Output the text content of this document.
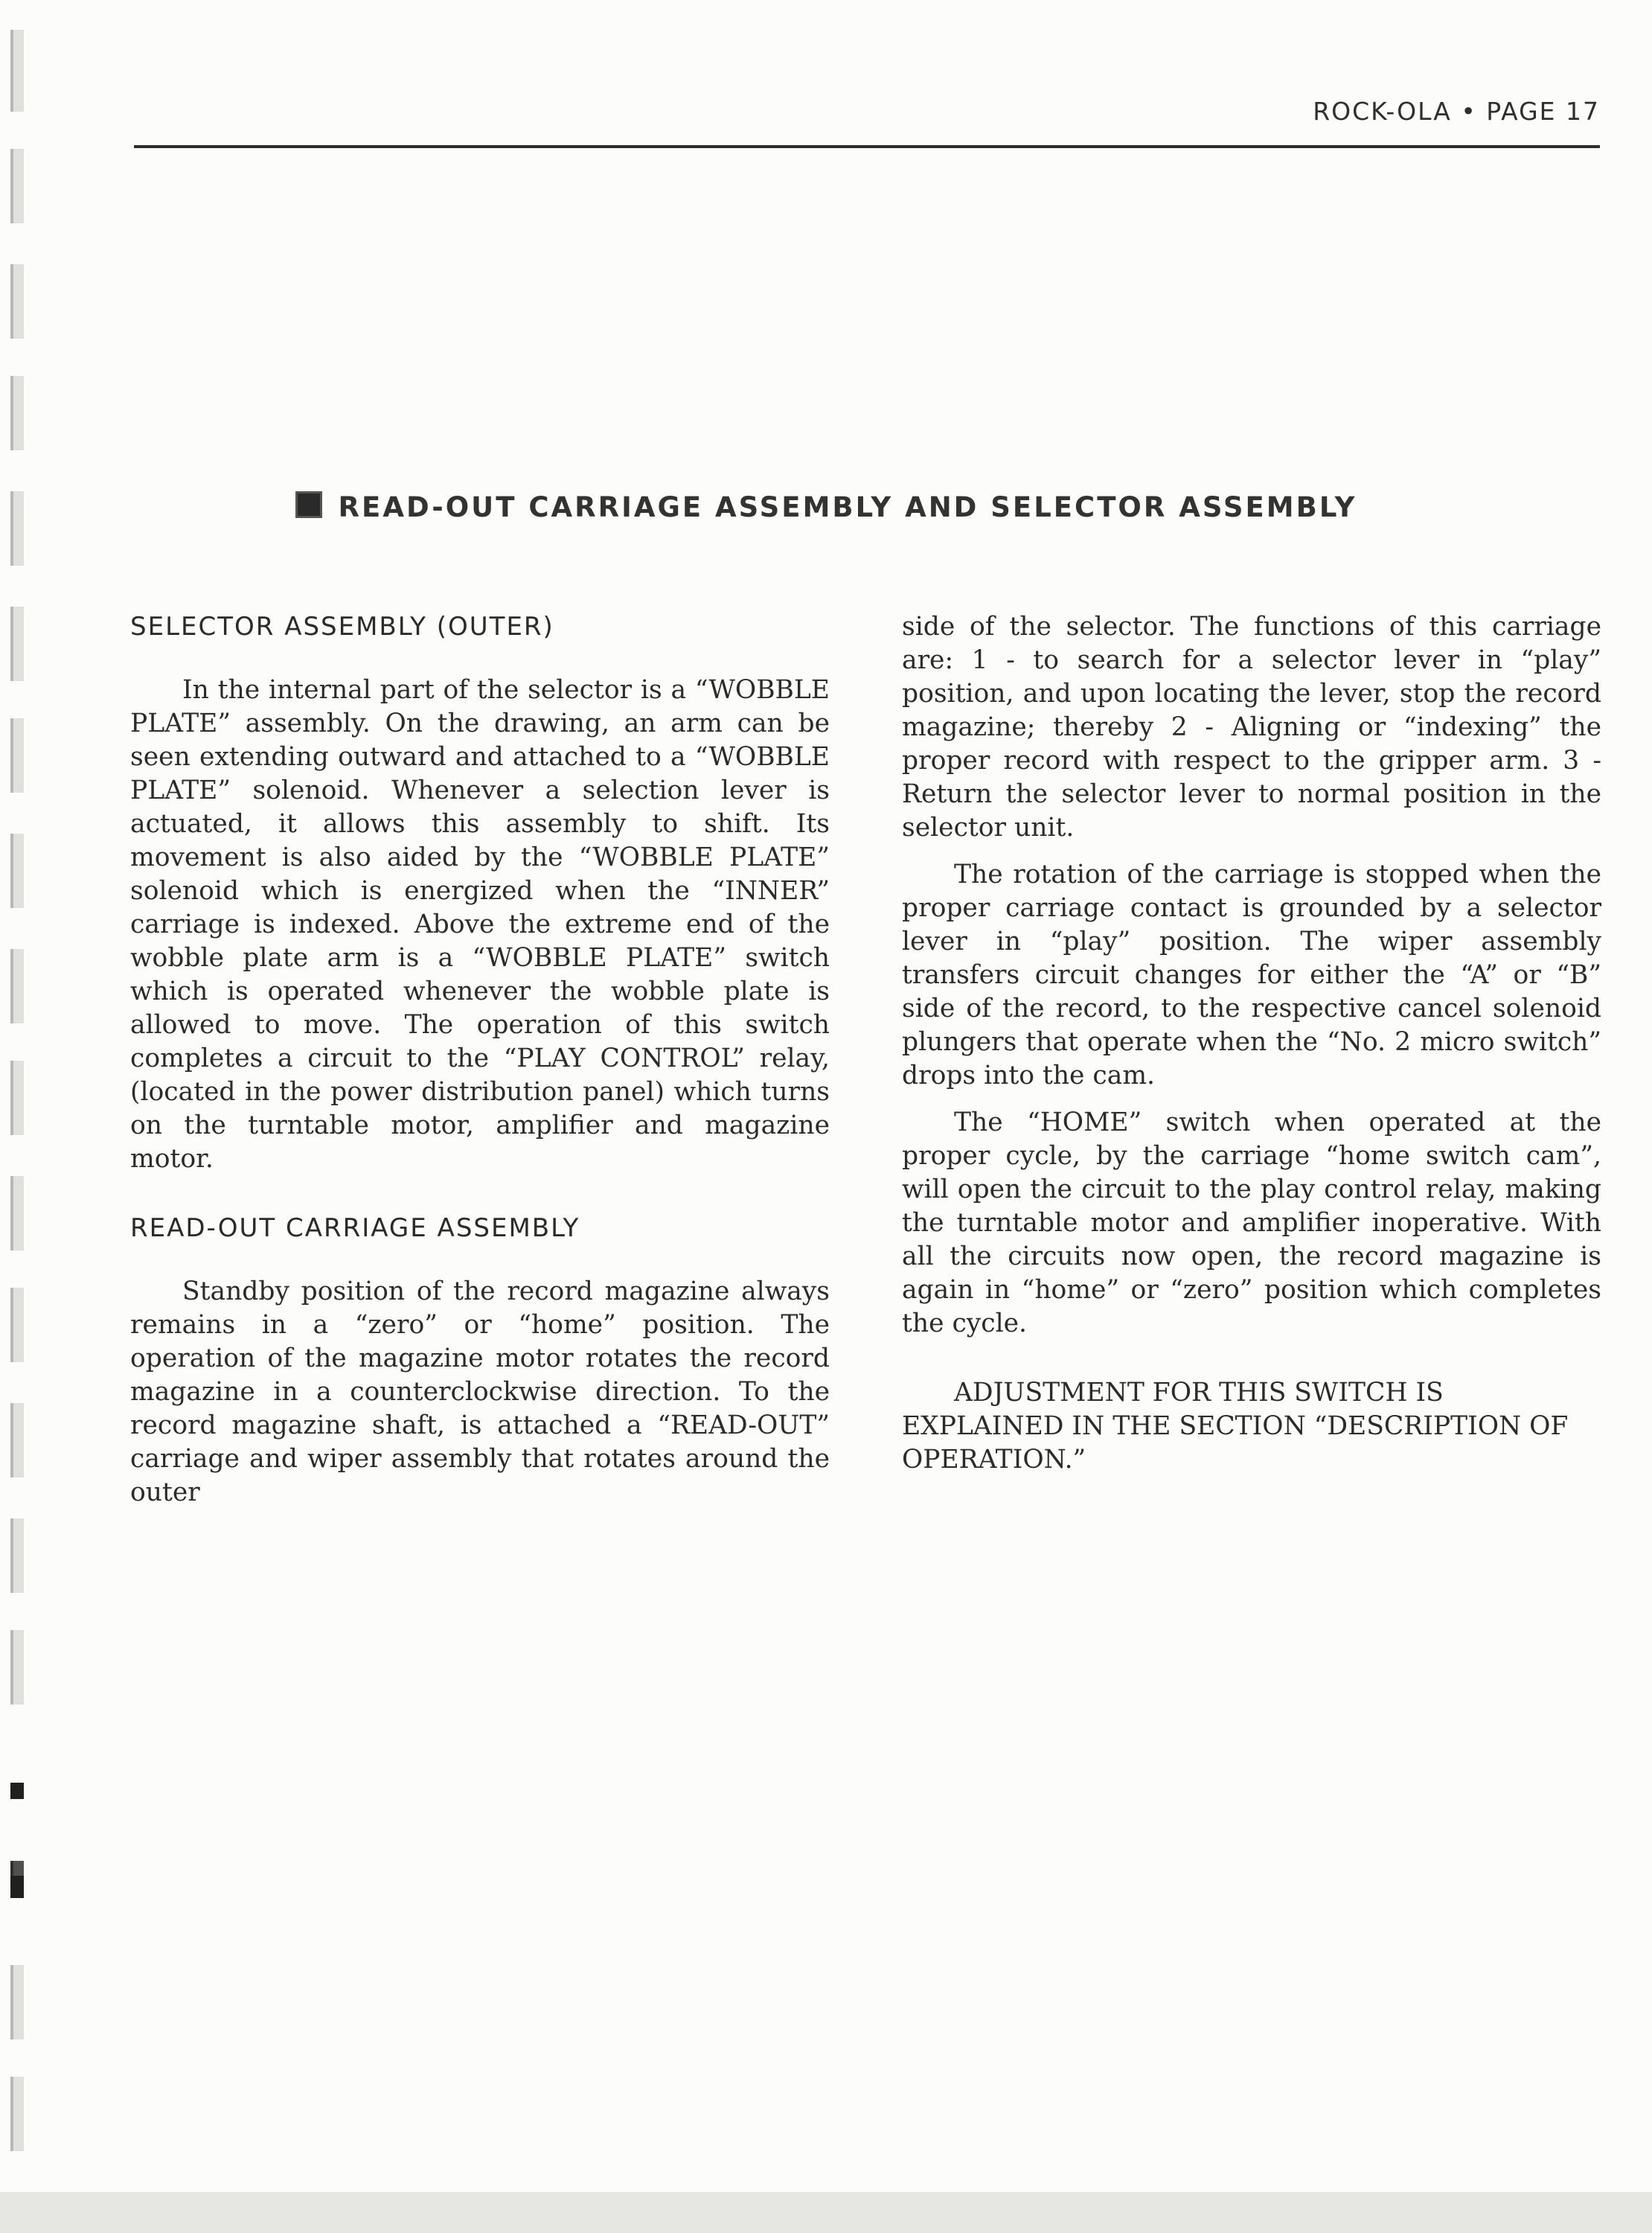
ROCK-OLA • PAGE 17
READ-OUT CARRIAGE ASSEMBLY AND SELECTOR ASSEMBLY
SELECTOR ASSEMBLY (OUTER)

In the internal part of the selector is a “WOBBLE PLATE” assembly. On the drawing, an arm can be seen extending outward and attached to a “WOBBLE PLATE” solenoid. Whenever a selection lever is actuated, it allows this assembly to shift. Its movement is also aided by the “WOBBLE PLATE” solenoid which is energized when the “INNER” carriage is indexed. Above the extreme end of the wobble plate arm is a “WOBBLE PLATE” switch which is operated whenever the wobble plate is allowed to move. The operation of this switch completes a circuit to the “PLAY CONTROL” relay, (located in the power distribution panel) which turns on the turntable motor, amplifier and magazine motor.

READ-OUT CARRIAGE ASSEMBLY

Standby position of the record magazine always remains in a “zero” or “home” position. The operation of the magazine motor rotates the record magazine in a counterclockwise direction. To the record magazine shaft, is attached a “READ-OUT” carriage and wiper assembly that rotates around the outer

side of the selector. The functions of this carriage are: 1 - to search for a selector lever in “play” position, and upon locating the lever, stop the record magazine; thereby 2 - Aligning or “indexing” the proper record with respect to the gripper arm. 3 - Return the selector lever to normal position in the selector unit.

The rotation of the carriage is stopped when the proper carriage contact is grounded by a selector lever in “play” position. The wiper assembly transfers circuit changes for either the “A” or “B” side of the record, to the respective cancel solenoid plungers that operate when the “No. 2 micro switch” drops into the cam.

The “HOME” switch when operated at the proper cycle, by the carriage “home switch cam”, will open the circuit to the play control relay, making the turntable motor and amplifier inoperative. With all the circuits now open, the record magazine is again in “home” or “zero” position which completes the cycle.

ADJUSTMENT FOR THIS SWITCH IS EXPLAINED IN THE SECTION “DESCRIPTION OF OPERATION.”
